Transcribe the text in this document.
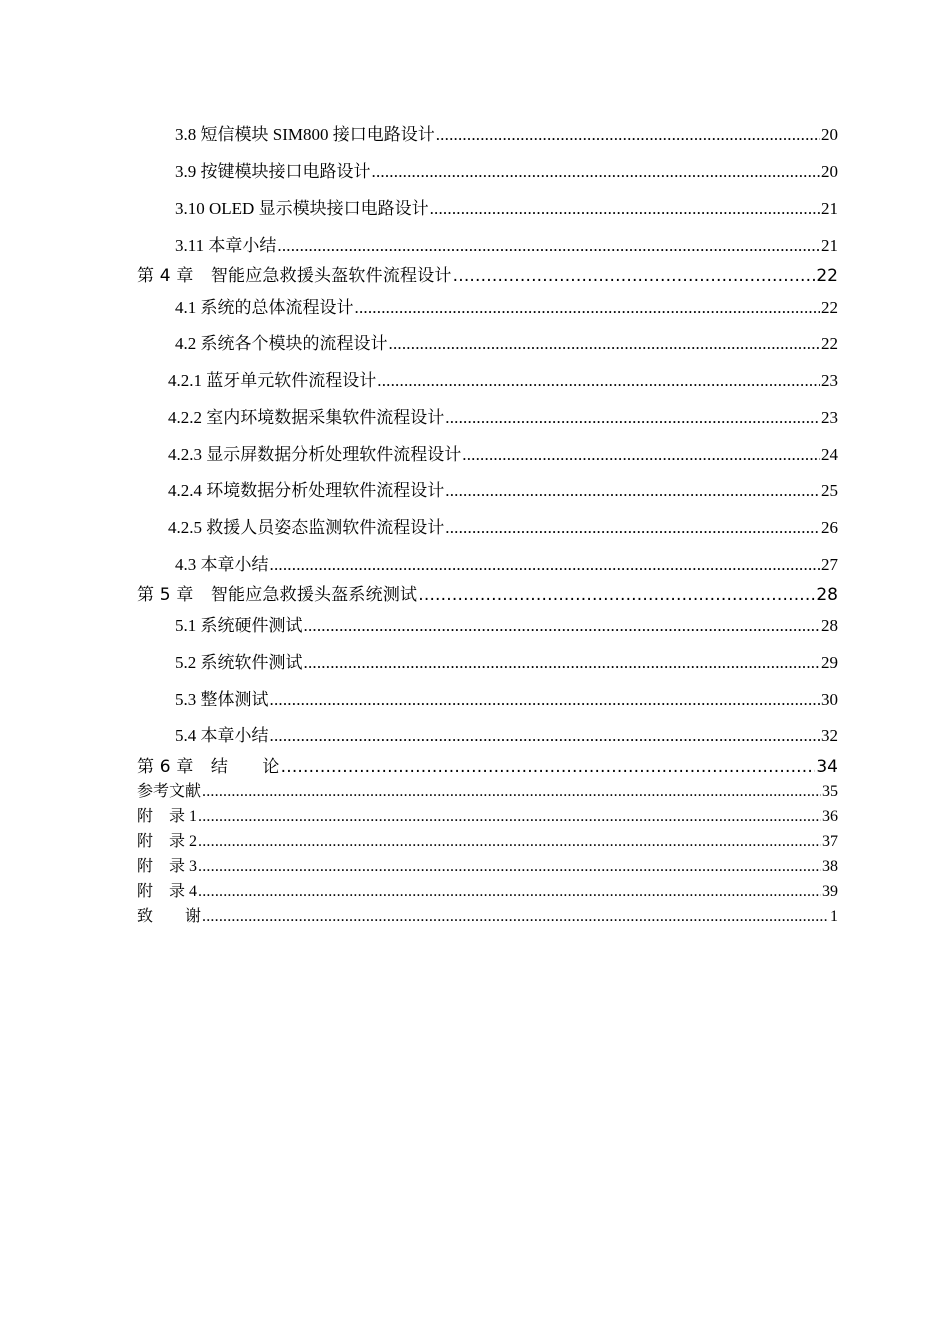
3.8 短信模块 SIM800 接口电路设计 .....	20
3.9 按键模块接口电路设计 .....	20
3.10 OLED 显示模块接口电路设计 .....	21
3.11 本章小结 .....	21
第 4 章　智能应急救援头盔软件流程设计 .....	22
4.1 系统的总体流程设计 .....	22
4.2 系统各个模块的流程设计 .....	22
4.2.1 蓝牙单元软件流程设计 .....	23
4.2.2 室内环境数据采集软件流程设计 .....	23
4.2.3 显示屏数据分析处理软件流程设计 .....	24
4.2.4 环境数据分析处理软件流程设计 .....	25
4.2.5 救援人员姿态监测软件流程设计 .....	26
4.3 本章小结 .....	27
第 5 章　智能应急救援头盔系统测试 .....	28
5.1 系统硬件测试 .....	28
5.2 系统软件测试 .....	29
5.3 整体测试 .....	30
5.4 本章小结 .....	32
第 6 章　结　　论 .....	34
参考文献 .....	35
附　录 1 .....	36
附　录 2 .....	37
附　录 3 .....	38
附　录 4 .....	39
致　　谢 .....	1
